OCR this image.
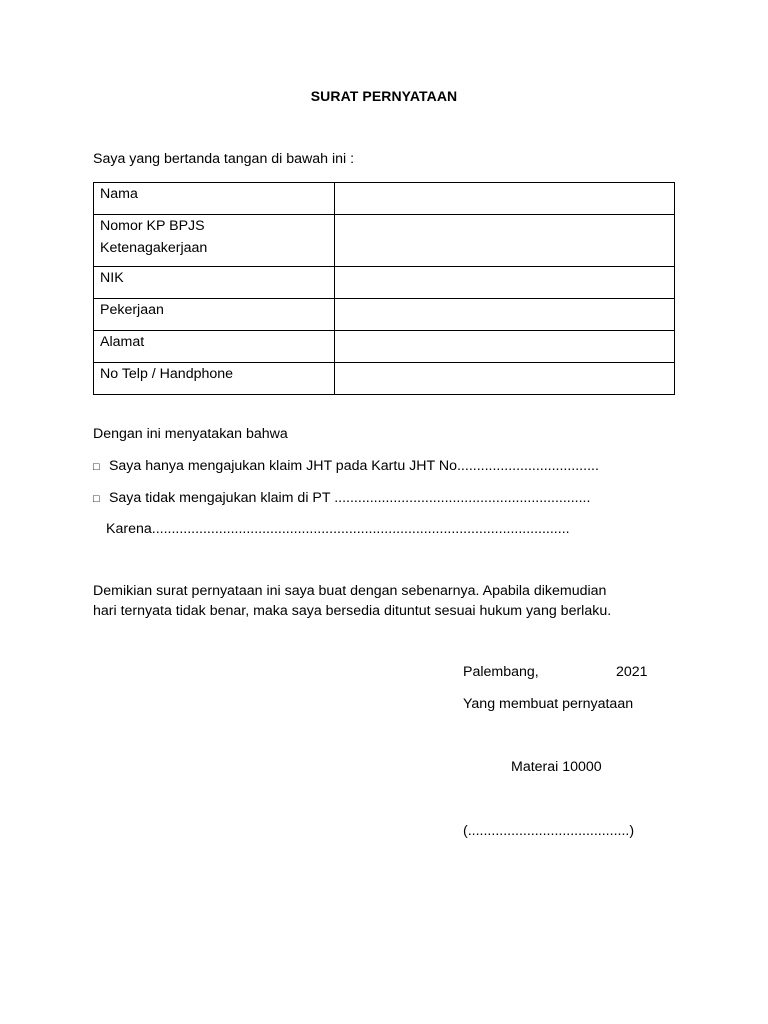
SURAT PERNYATAAN
Saya yang bertanda tangan di bawah ini :
Nama	

Nomor KP BPJS
Ketenagakerjaan	

NIK	
Pekerjaan	
Alamat	
No Telp / Handphone	
Dengan ini menyatakan bahwa
□ Saya hanya mengajukan klaim JHT pada Kartu JHT No....................................
□ Saya tidak mengajukan klaim di PT .................................................................
Karena..........................................................................................................
Demikian surat pernyataan ini saya buat dengan sebenarnya. Apabila dikemudian
hari ternyata tidak benar, maka saya bersedia dituntut sesuai hukum yang berlaku.
Palembang,	2021
Yang membuat pernyataan
Materai 10000
(.........................................)
